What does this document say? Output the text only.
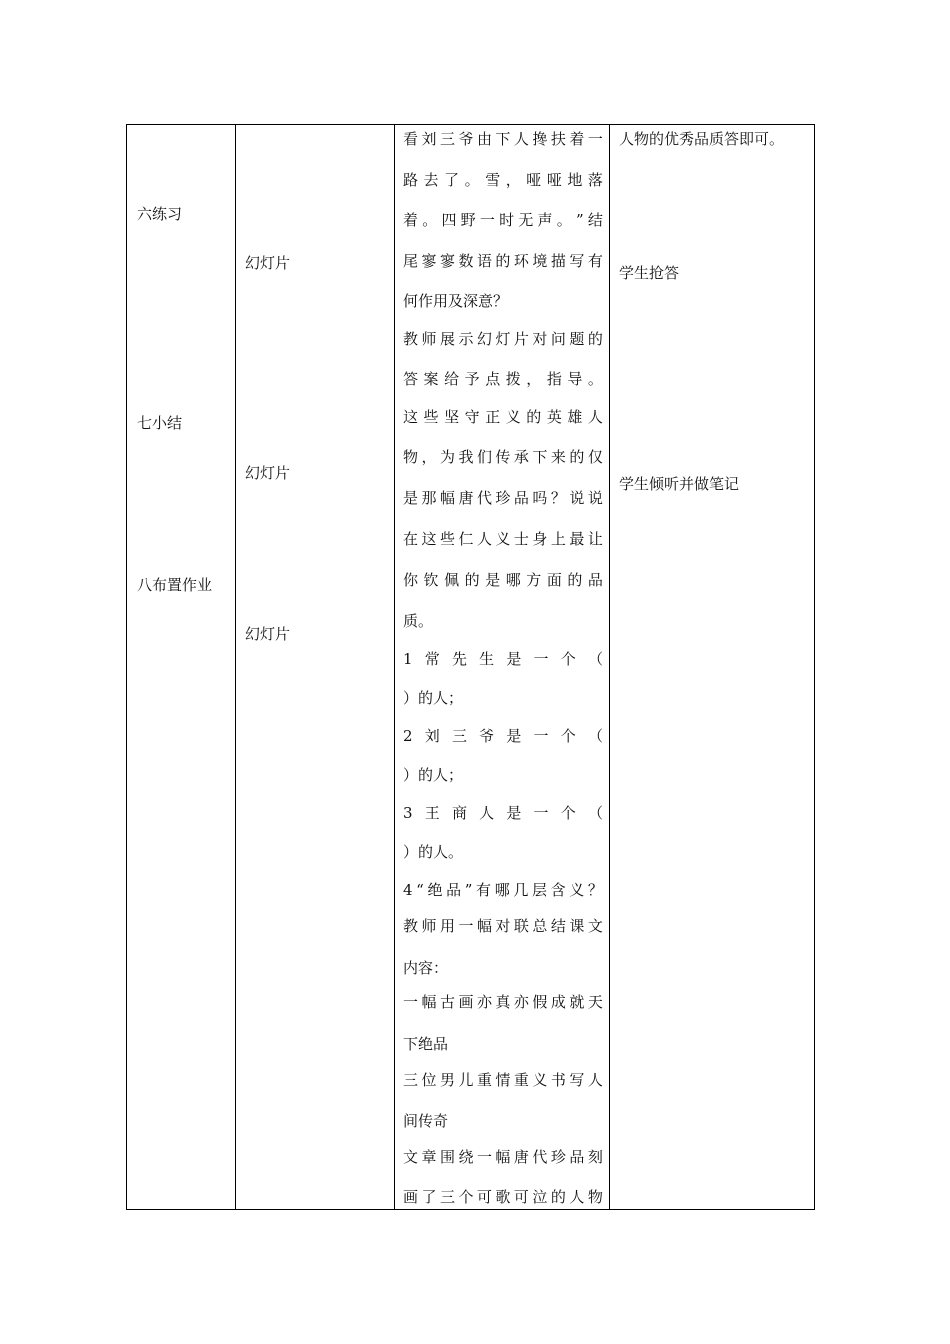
六练习
七小结
八布置作业
幻灯片
幻灯片
幻灯片
人物的优秀品质答即可。
学生抢答
学生倾听并做笔记
看 刘 三 爷 由 下 人 搀 扶 着 一
路 去 了 。 雪 ， 哑 哑 地 落
着 。 四 野 一 时 无 声 。 ” 结
尾 寥 寥 数 语 的 环 境 描 写 有
何作用及深意？
教 师 展 示 幻 灯 片 对 问 题 的
答 案 给 予 点 拨 ， 指 导 。
这 些 坚 守 正 义 的 英 雄 人
物 ， 为 我 们 传 承 下 来 的 仅
是 那 幅 唐 代 珍 品 吗 ？ 说 说
在 这 些 仁 人 义 士 身 上 最 让
你 钦 佩 的 是 哪 方 面 的 品
质。
1 常 先 生 是 一 个 （
）的人；
2 刘 三 爷 是 一 个 （
）的人；
3 王 商 人 是 一 个 （
）的人。
4 “ 绝 品 ” 有 哪 几 层 含 义 ？
教 师 用 一 幅 对 联 总 结 课 文
内容：
一 幅 古 画 亦 真 亦 假 成 就 天
下绝品
三 位 男 儿 重 情 重 义 书 写 人
间传奇
文 章 围 绕 一 幅 唐 代 珍 品 刻
画 了 三 个 可 歌 可 泣 的 人 物
